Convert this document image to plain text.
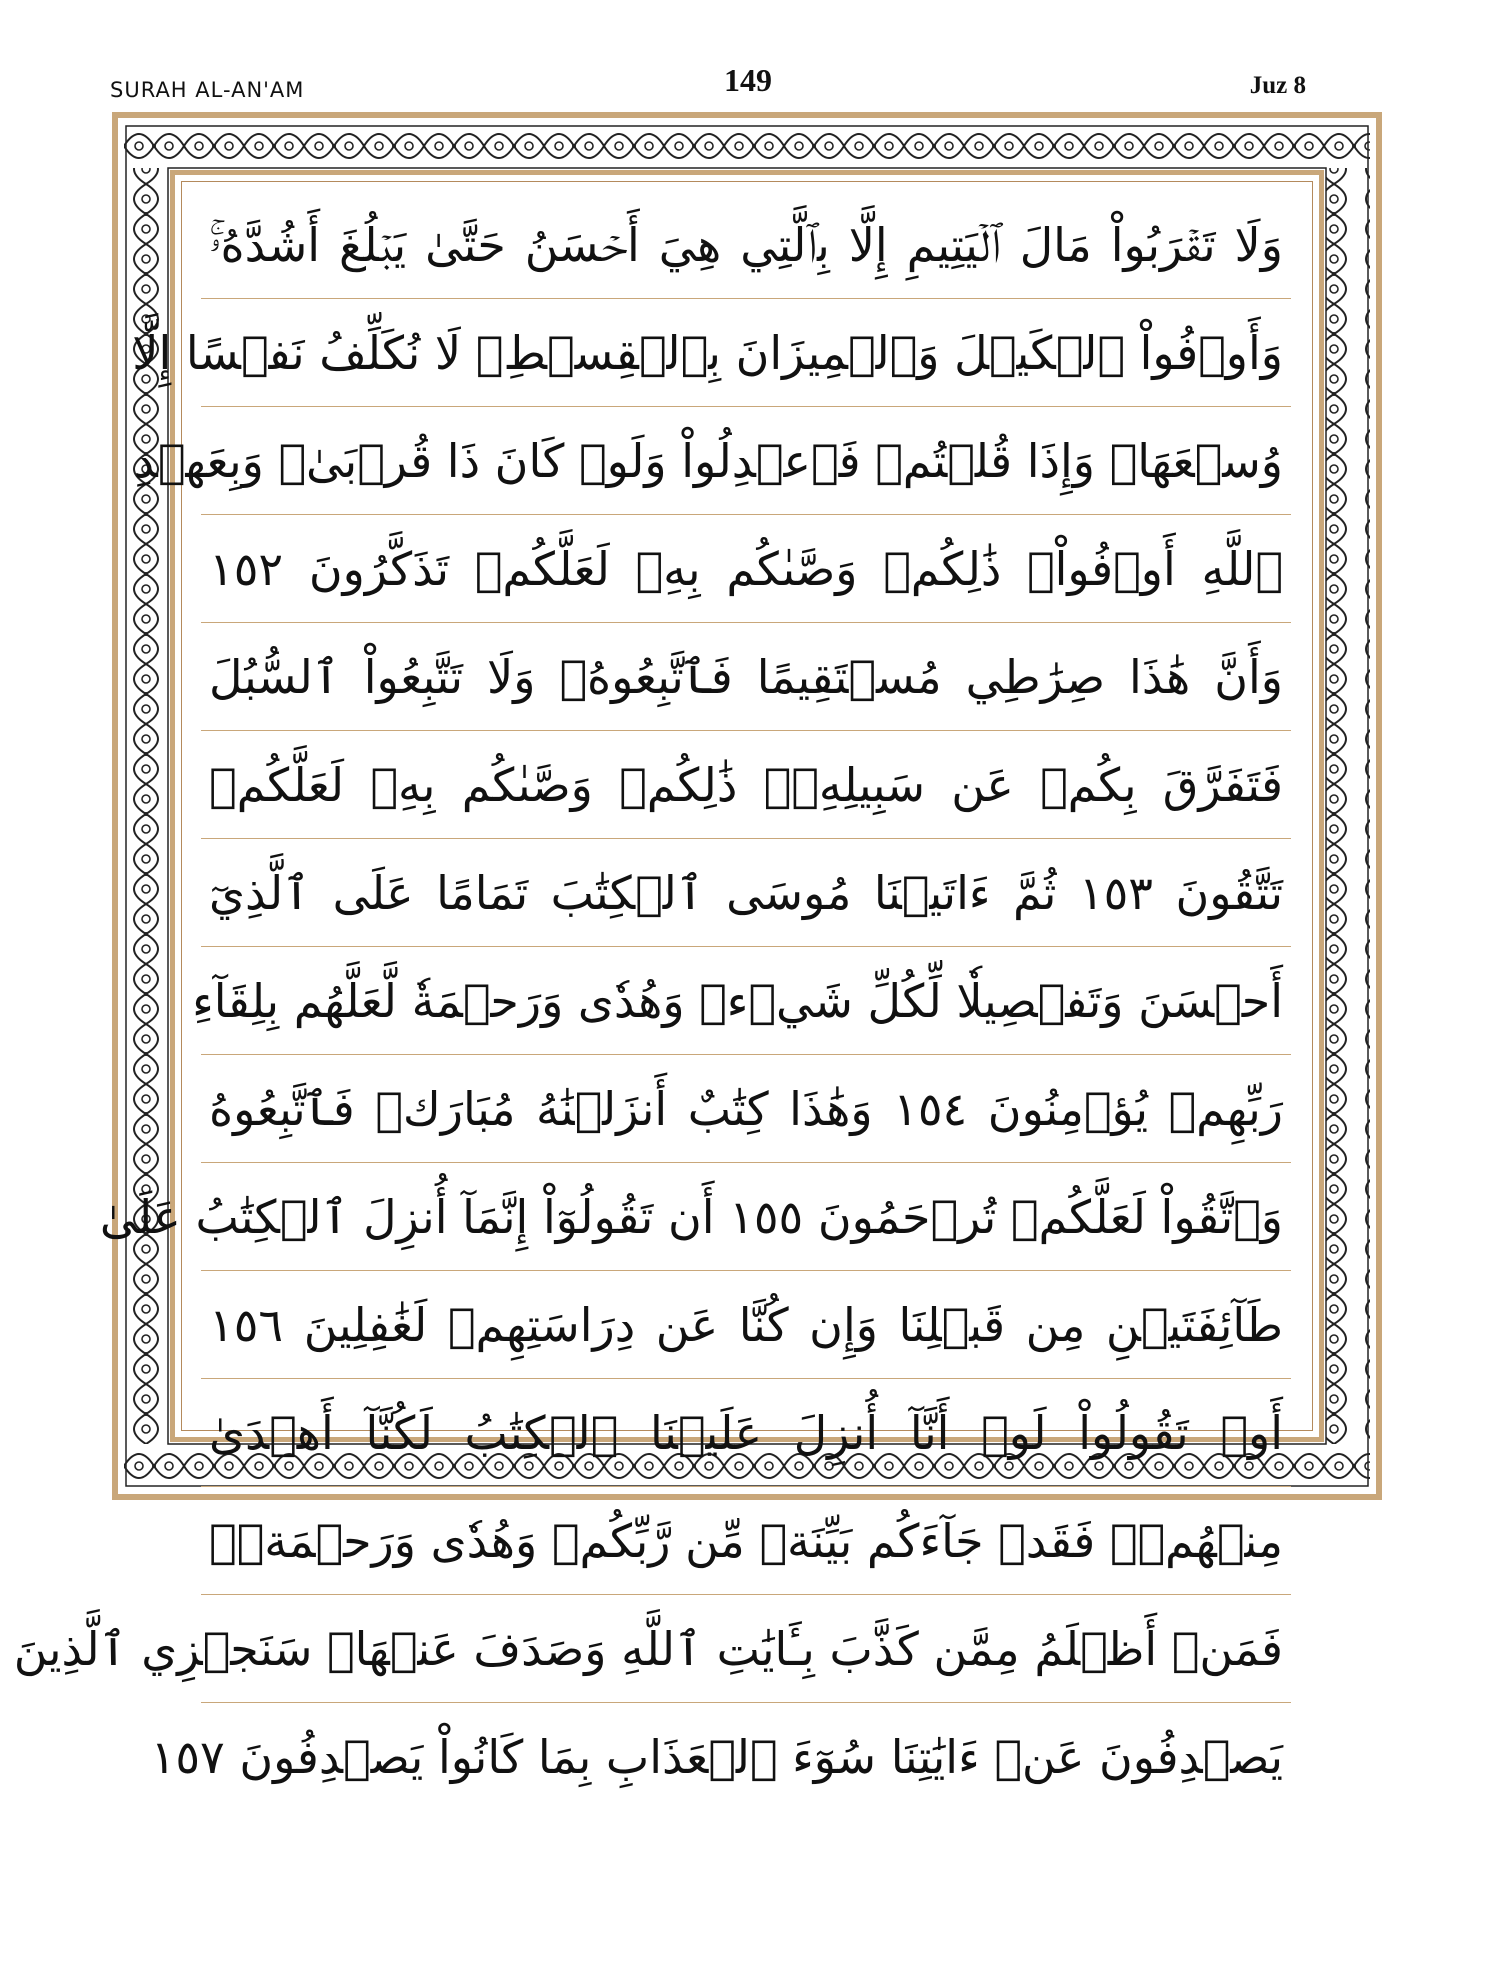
SURAH AL-AN'AM	149	Juz 8
وَلَا تَقۡرَبُواْ مَالَ ٱلۡيَتِيمِ إِلَّا بِٱلَّتِي هِيَ أَحۡسَنُ حَتَّىٰ يَبۡلُغَ أَشُدَّهُۥۚ
وَأَوۡفُواْ ٱلۡكَيۡلَ وَٱلۡمِيزَانَ بِٱلۡقِسۡطِۖ لَا نُكَلِّفُ نَفۡسًا إِلَّا
وُسۡعَهَاۖ وَإِذَا قُلۡتُمۡ فَٱعۡدِلُواْ وَلَوۡ كَانَ ذَا قُرۡبَىٰۖ وَبِعَهۡدِ
ٱللَّهِ أَوۡفُواْۚ ذَٰلِكُمۡ وَصَّىٰكُم بِهِۦ لَعَلَّكُمۡ تَذَكَّرُونَ ١٥٢
وَأَنَّ هَٰذَا صِرَٰطِي مُسۡتَقِيمًا فَٱتَّبِعُوهُۖ وَلَا تَتَّبِعُواْ ٱلسُّبُلَ
فَتَفَرَّقَ بِكُمۡ عَن سَبِيلِهِۦۚ ذَٰلِكُمۡ وَصَّىٰكُم بِهِۦ لَعَلَّكُمۡ
تَتَّقُونَ ١٥٣ ثُمَّ ءَاتَيۡنَا مُوسَى ٱلۡكِتَٰبَ تَمَامًا عَلَى ٱلَّذِيٓ
أَحۡسَنَ وَتَفۡصِيلٗا لِّكُلِّ شَيۡءٖ وَهُدٗى وَرَحۡمَةٗ لَّعَلَّهُم بِلِقَآءِ
رَبِّهِمۡ يُؤۡمِنُونَ ١٥٤ وَهَٰذَا كِتَٰبٌ أَنزَلۡنَٰهُ مُبَارَكٞ فَٱتَّبِعُوهُ
وَٱتَّقُواْ لَعَلَّكُمۡ تُرۡحَمُونَ ١٥٥ أَن تَقُولُوٓاْ إِنَّمَآ أُنزِلَ ٱلۡكِتَٰبُ عَلَىٰ
طَآئِفَتَيۡنِ مِن قَبۡلِنَا وَإِن كُنَّا عَن دِرَاسَتِهِمۡ لَغَٰفِلِينَ ١٥٦
أَوۡ تَقُولُواْ لَوۡ أَنَّآ أُنزِلَ عَلَيۡنَا ٱلۡكِتَٰبُ لَكُنَّآ أَهۡدَىٰ
مِنۡهُمۡۚ فَقَدۡ جَآءَكُم بَيِّنَةٞ مِّن رَّبِّكُمۡ وَهُدٗى وَرَحۡمَةٞۚ
فَمَنۡ أَظۡلَمُ مِمَّن كَذَّبَ بِـَٔايَٰتِ ٱللَّهِ وَصَدَفَ عَنۡهَاۗ سَنَجۡزِي ٱلَّذِينَ
يَصۡدِفُونَ عَنۡ ءَايَٰتِنَا سُوٓءَ ٱلۡعَذَابِ بِمَا كَانُواْ يَصۡدِفُونَ ١٥٧
